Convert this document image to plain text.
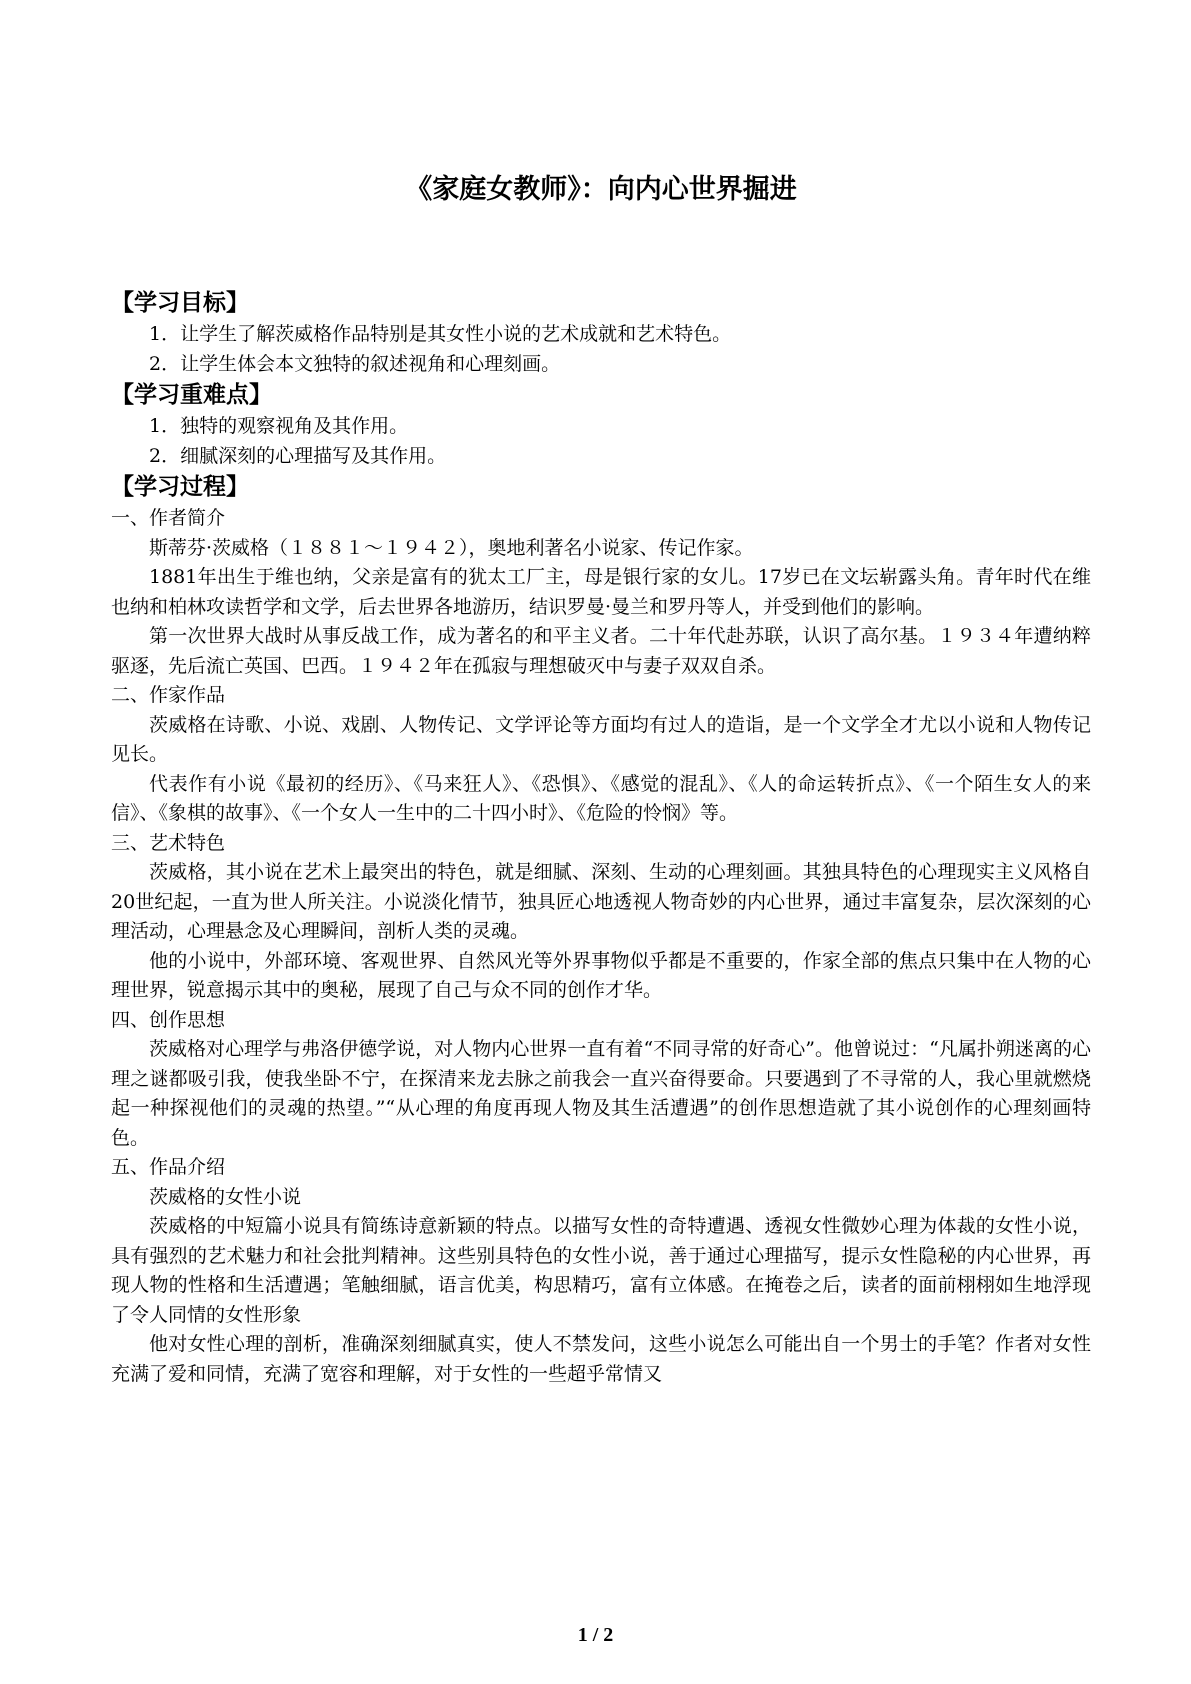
《家庭女教师》：向内心世界掘进
【学习目标】
1．让学生了解茨威格作品特别是其女性小说的艺术成就和艺术特色。
2．让学生体会本文独特的叙述视角和心理刻画。
【学习重难点】
1．独特的观察视角及其作用。
2．细腻深刻的心理描写及其作用。
【学习过程】
一、作者简介
斯蒂芬·茨威格（１８８１～１９４２），奥地利著名小说家、传记作家。
1881年出生于维也纳，父亲是富有的犹太工厂主，母是银行家的女儿。17岁已在文坛崭露头角。青年时代在维也纳和柏林攻读哲学和文学，后去世界各地游历，结识罗曼·曼兰和罗丹等人，并受到他们的影响。
第一次世界大战时从事反战工作，成为著名的和平主义者。二十年代赴苏联，认识了高尔基。１９３４年遭纳粹驱逐，先后流亡英国、巴西。１９４２年在孤寂与理想破灭中与妻子双双自杀。
二、作家作品
茨威格在诗歌、小说、戏剧、人物传记、文学评论等方面均有过人的造诣，是一个文学全才尤以小说和人物传记见长。
代表作有小说《最初的经历》、《马来狂人》、《恐惧》、《感觉的混乱》、《人的命运转折点》、《一个陌生女人的来信》、《象棋的故事》、《一个女人一生中的二十四小时》、《危险的怜悯》等。
三、艺术特色
茨威格，其小说在艺术上最突出的特色，就是细腻、深刻、生动的心理刻画。其独具特色的心理现实主义风格自20世纪起，一直为世人所关注。小说淡化情节，独具匠心地透视人物奇妙的内心世界，通过丰富复杂，层次深刻的心理活动，心理悬念及心理瞬间，剖析人类的灵魂。
他的小说中，外部环境、客观世界、自然风光等外界事物似乎都是不重要的，作家全部的焦点只集中在人物的心理世界，锐意揭示其中的奥秘，展现了自己与众不同的创作才华。
四、创作思想
茨威格对心理学与弗洛伊德学说，对人物内心世界一直有着“不同寻常的好奇心”。他曾说过：“凡属扑朔迷离的心理之谜都吸引我，使我坐卧不宁，在探清来龙去脉之前我会一直兴奋得要命。只要遇到了不寻常的人，我心里就燃烧起一种探视他们的灵魂的热望。”“从心理的角度再现人物及其生活遭遇”的创作思想造就了其小说创作的心理刻画特色。
五、作品介绍
茨威格的女性小说
茨威格的中短篇小说具有简练诗意新颖的特点。以描写女性的奇特遭遇、透视女性微妙心理为体裁的女性小说，具有强烈的艺术魅力和社会批判精神。这些别具特色的女性小说，善于通过心理描写，提示女性隐秘的内心世界，再现人物的性格和生活遭遇；笔触细腻，语言优美，构思精巧，富有立体感。在掩卷之后，读者的面前栩栩如生地浮现了令人同情的女性形象
他对女性心理的剖析，准确深刻细腻真实，使人不禁发问，这些小说怎么可能出自一个男士的手笔？作者对女性充满了爱和同情，充满了宽容和理解，对于女性的一些超乎常情又
1 / 2
